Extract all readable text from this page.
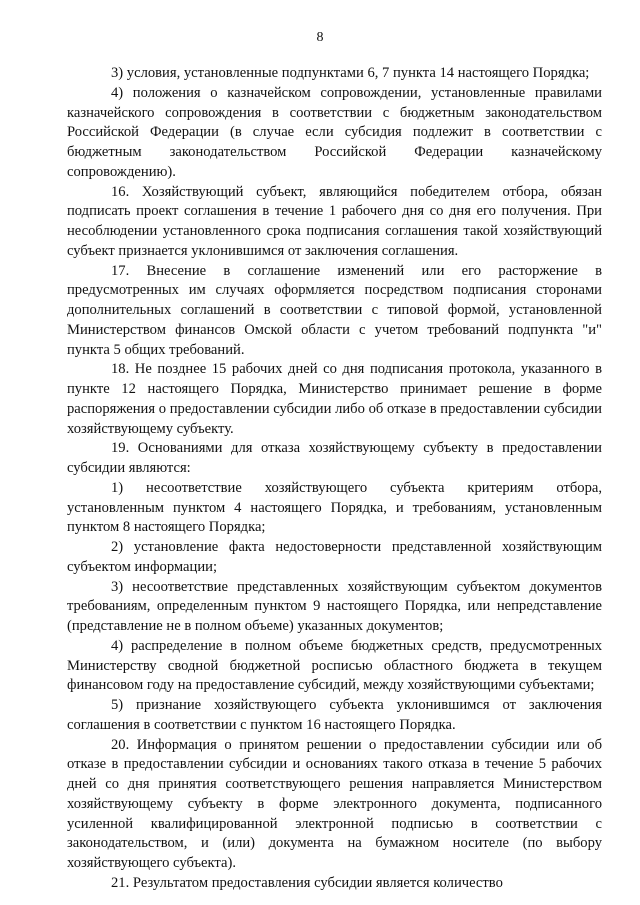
8

3) условия, установленные подпунктами 6, 7 пункта 14 настоящего Порядка;

4) положения о казначейском сопровождении, установленные правилами казначейского сопровождения в соответствии с бюджетным законодательством Российской Федерации (в случае если субсидия подлежит в соответствии с бюджетным законодательством Российской Федерации казначейскому сопровождению).

16. Хозяйствующий субъект, являющийся победителем отбора, обязан подписать проект соглашения в течение 1 рабочего дня со дня его получения. При несоблюдении установленного срока подписания соглашения такой хозяйствующий субъект признается уклонившимся от заключения соглашения.

17. Внесение в соглашение изменений или его расторжение в предусмотренных им случаях оформляется посредством подписания сторонами дополнительных соглашений в соответствии с типовой формой, установленной Министерством финансов Омской области с учетом требований подпункта "и" пункта 5 общих требований.

18. Не позднее 15 рабочих дней со дня подписания протокола, указанного в пункте 12 настоящего Порядка, Министерство принимает решение в форме распоряжения о предоставлении субсидии либо об отказе в предоставлении субсидии хозяйствующему субъекту.

19. Основаниями для отказа хозяйствующему субъекту в предоставлении субсидии являются:

1) несоответствие хозяйствующего субъекта критериям отбора, установленным пунктом 4 настоящего Порядка, и требованиям, установленным пунктом 8 настоящего Порядка;

2) установление факта недостоверности представленной хозяйствующим субъектом информации;

3) несоответствие представленных хозяйствующим субъектом документов требованиям, определенным пунктом 9 настоящего Порядка, или непредставление (представление не в полном объеме) указанных документов;

4) распределение в полном объеме бюджетных средств, предусмотренных Министерству сводной бюджетной росписью областного бюджета в текущем финансовом году на предоставление субсидий, между хозяйствующими субъектами;

5) признание хозяйствующего субъекта уклонившимся от заключения соглашения в соответствии с пунктом 16 настоящего Порядка.

20. Информация о принятом решении о предоставлении субсидии или об отказе в предоставлении субсидии и основаниях такого отказа в течение 5 рабочих дней со дня принятия соответствующего решения направляется Министерством хозяйствующему субъекту в форме электронного документа, подписанного усиленной квалифицированной электронной подписью в соответствии с законодательством, и (или) документа на бумажном носителе (по выбору хозяйствующего субъекта).

21. Результатом предоставления субсидии является количество
